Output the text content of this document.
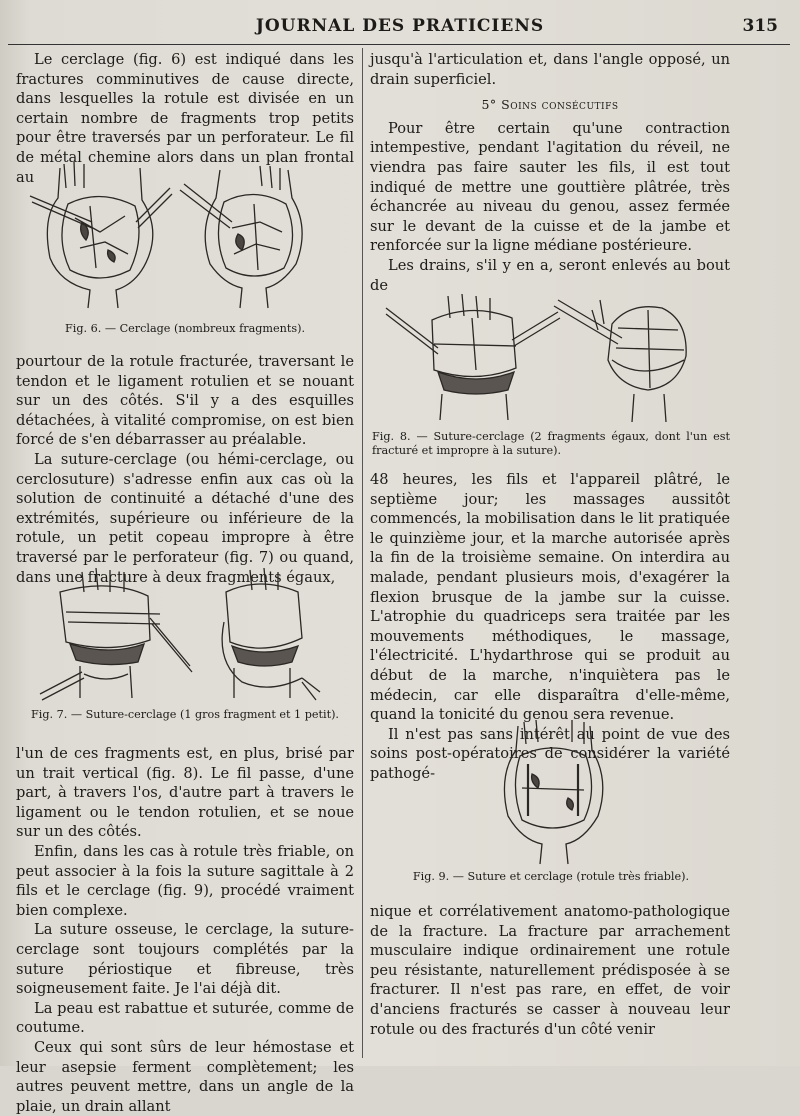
JOURNAL DES PRATICIENS	315

Le cerclage (fig. 6) est indiqué dans les fractures comminutives de cause directe, dans lesquelles la rotule est divisée en un certain nombre de fragments trop petits pour être traversés par un perforateur. Le fil de métal chemine alors dans un plan frontal au

Fig. 6. — Cerclage (nombreux fragments).

pourtour de la rotule fracturée, traversant le tendon et le ligament rotulien et se nouant sur un des côtés. S'il y a des esquilles détachées, à vitalité compromise, on est bien forcé de s'en débarrasser au préalable.

La suture-cerclage (ou hémi-cerclage, ou cerclosuture) s'adresse enfin aux cas où la solution de continuité a détaché d'une des extrémités, supérieure ou inférieure de la rotule, un petit copeau impropre à être traversé par le perforateur (fig. 7) ou quand, dans une fracture à deux fragments égaux,

Fig. 7. — Suture-cerclage (1 gros fragment et 1 petit).

l'un de ces fragments est, en plus, brisé par un trait vertical (fig. 8). Le fil passe, d'une part, à travers l'os, d'autre part à travers le ligament ou le tendon rotulien, et se noue sur un des côtés.

Enfin, dans les cas à rotule très friable, on peut associer à la fois la suture sagittale à 2 fils et le cerclage (fig. 9), procédé vraiment bien complexe.

La suture osseuse, le cerclage, la suture-cerclage sont toujours complétés par la suture périostique et fibreuse, très soigneusement faite. Je l'ai déjà dit.

La peau est rabattue et suturée, comme de coutume.

Ceux qui sont sûrs de leur hémostase et leur asepsie ferment complètement; les autres peuvent mettre, dans un angle de la plaie, un drain allant

jusqu'à l'articulation et, dans l'angle opposé, un drain superficiel.

5° Soins consécutifs

Pour être certain qu'une contraction intempestive, pendant l'agitation du réveil, ne viendra pas faire sauter les fils, il est tout indiqué de mettre une gouttière plâtrée, très échancrée au niveau du genou, assez fermée sur le devant de la cuisse et de la jambe et renforcée sur la ligne médiane postérieure.

Les drains, s'il y en a, seront enlevés au bout de

Fig. 8. — Suture-cerclage (2 fragments égaux, dont l'un est fracturé et impropre à la suture).

48 heures, les fils et l'appareil plâtré, le septième jour; les massages aussitôt commencés, la mobilisation dans le lit pratiquée le quinzième jour, et la marche autorisée après la fin de la troisième semaine. On interdira au malade, pendant plusieurs mois, d'exagérer la flexion brusque de la jambe sur la cuisse. L'atrophie du quadriceps sera traitée par les mouvements méthodiques, le massage, l'électricité. L'hydarthrose qui se produit au début de la marche, n'inquiètera pas le médecin, car elle disparaîtra d'elle-même, quand la tonicité du genou sera revenue.

Il n'est pas sans intérêt au point de vue des soins post-opératoires de considérer la variété pathogé-

Fig. 9. — Suture et cerclage (rotule très friable).

nique et corrélativement anatomo-pathologique de la fracture. La fracture par arrachement musculaire indique ordinairement une rotule peu résistante, naturellement prédisposée à se fracturer. Il n'est pas rare, en effet, de voir d'anciens fracturés se casser à nouveau leur rotule ou des fracturés d'un côté venir
